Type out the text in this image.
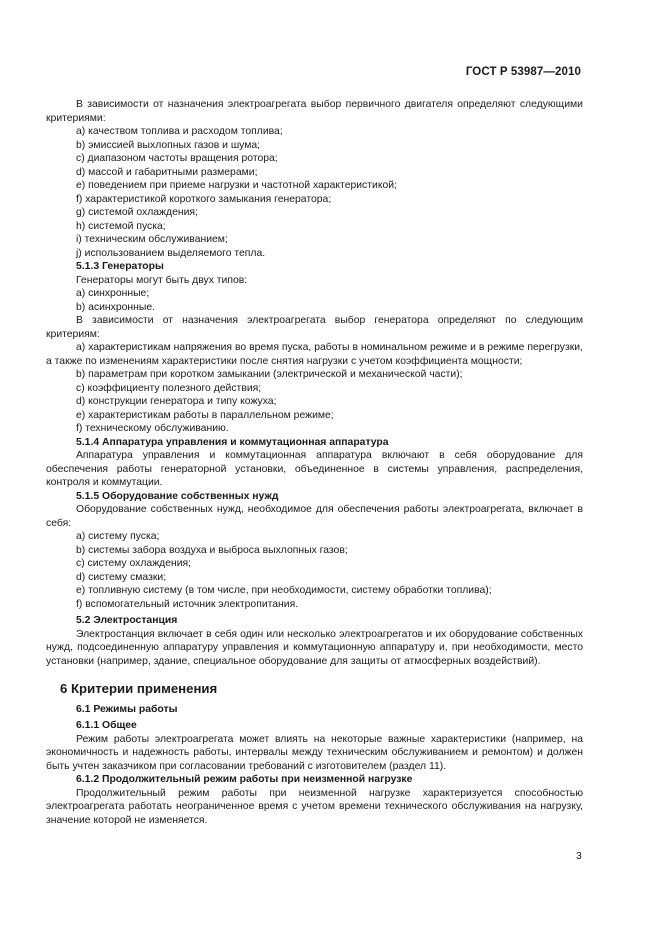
ГОСТ Р 53987—2010

В зависимости от назначения электроагрегата выбор первичного двигателя определяют следующими критериями:

a) качеством топлива и расходом топлива;

b) эмиссией выхлопных газов и шума;

c) диапазоном частоты вращения ротора;

d) массой и габаритными размерами;

e) поведением при приеме нагрузки и частотной характеристикой;

f) характеристикой короткого замыкания генератора;

g) системой охлаждения;

h) системой пуска;

i) техническим обслуживанием;

j) использованием выделяемого тепла.

5.1.3 Генераторы

Генераторы могут быть двух типов:

a) синхронные;

b) асинхронные.

В зависимости от назначения электроагрегата выбор генератора определяют по следующим критериям:

a) характеристикам напряжения во время пуска, работы в номинальном режиме и в режиме перегрузки, а также по изменениям характеристики после снятия нагрузки с учетом коэффициента мощности;

b) параметрам при коротком замыкании (электрической и механической части);

c) коэффициенту полезного действия;

d) конструкции генератора и типу кожуха;

e) характеристикам работы в параллельном режиме;

f) техническому обслуживанию.

5.1.4 Аппаратура управления и коммутационная аппаратура

Аппаратура управления и коммутационная аппаратура включают в себя оборудование для обеспечения работы генераторной установки, объединенное в системы управления, распределения, контроля и коммутации.

5.1.5 Оборудование собственных нужд

Оборудование собственных нужд, необходимое для обеспечения работы электроагрегата, включает в себя:

a) систему пуска;

b) системы забора воздуха и выброса выхлопных газов;

c) систему охлаждения;

d) систему смазки;

e) топливную систему (в том числе, при необходимости, систему обработки топлива);

f) вспомогательный источник электропитания.

5.2 Электростанция

Электростанция включает в себя один или несколько электроагрегатов и их оборудование собственных нужд, подсоединенную аппаратуру управления и коммутационную аппаратуру и, при необходимости, место установки (например, здание, специальное оборудование для защиты от атмосферных воздействий).

6 Критерии применения

6.1 Режимы работы

6.1.1 Общее

Режим работы электроагрегата может влиять на некоторые важные характеристики (например, на экономичность и надежность работы, интервалы между техническим обслуживанием и ремонтом) и должен быть учтен заказчиком при согласовании требований с изготовителем (раздел 11).

6.1.2 Продолжительный режим работы при неизменной нагрузке

Продолжительный режим работы при неизменной нагрузке характеризуется способностью электроагрегата работать неограниченное время с учетом времени технического обслуживания на нагрузку, значение которой не изменяется.

3
